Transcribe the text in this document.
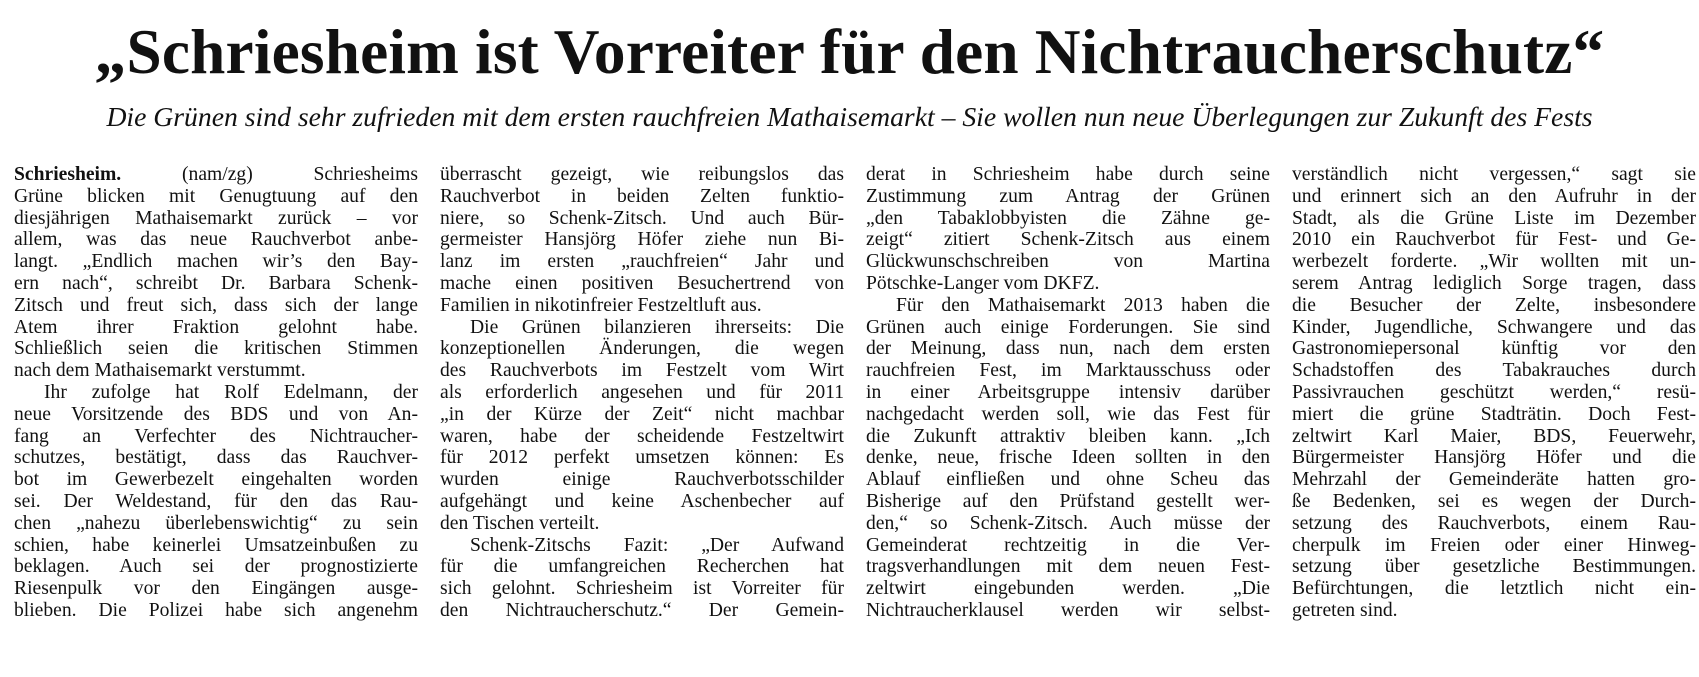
„Schriesheim ist Vorreiter für den Nichtraucherschutz“
Die Grünen sind sehr zufrieden mit dem ersten rauchfreien Mathaisemarkt – Sie wollen nun neue Überlegungen zur Zukunft des Fests
Schriesheim.	(nam/zg) Schriesheims
Grüne blicken mit Genugtuung auf den
diesjährigen Mathaisemarkt zurück – vor
allem, was das neue Rauchverbot anbe-
langt. „Endlich machen wir’s den Bay-
ern nach“, schreibt Dr. Barbara Schenk-
Zitsch und freut sich, dass sich der lange
Atem ihrer Fraktion gelohnt habe.
Schließlich seien die kritischen Stimmen
nach dem Mathaisemarkt verstummt.
Ihr zufolge hat Rolf Edelmann, der
neue Vorsitzende des BDS und von An-
fang an Verfechter des Nichtraucher-
schutzes, bestätigt, dass das Rauchver-
bot im Gewerbezelt eingehalten worden
sei. Der Weldestand, für den das Rau-
chen „nahezu überlebenswichtig“ zu sein
schien, habe keinerlei Umsatzeinbußen zu
beklagen. Auch sei der prognostizierte
Riesenpulk vor den Eingängen ausge-
blieben. Die Polizei habe sich angenehm
überrascht gezeigt, wie reibungslos das
Rauchverbot in beiden Zelten funktio-
niere, so Schenk-Zitsch. Und auch Bür-
germeister Hansjörg Höfer ziehe nun Bi-
lanz im ersten „rauchfreien“ Jahr und
mache einen positiven Besuchertrend von
Familien in nikotinfreier Festzeltluft aus.
Die Grünen bilanzieren ihrerseits: Die
konzeptionellen Änderungen, die wegen
des Rauchverbots im Festzelt vom Wirt
als erforderlich angesehen und für 2011
„in der Kürze der Zeit“ nicht machbar
waren, habe der scheidende Festzeltwirt
für 2012 perfekt umsetzen können: Es
wurden einige Rauchverbotsschilder
aufgehängt und keine Aschenbecher auf
den Tischen verteilt.
Schenk-Zitschs Fazit: „Der Aufwand
für die umfangreichen Recherchen hat
sich gelohnt. Schriesheim ist Vorreiter für
den Nichtraucherschutz.“ Der Gemein-
derat in Schriesheim habe durch seine
Zustimmung zum Antrag der Grünen
„den Tabaklobbyisten die Zähne ge-
zeigt“ zitiert Schenk-Zitsch aus einem
Glückwunschschreiben von Martina
Pötschke-Langer vom DKFZ.
Für den Mathaisemarkt 2013 haben die
Grünen auch einige Forderungen. Sie sind
der Meinung, dass nun, nach dem ersten
rauchfreien Fest, im Marktausschuss oder
in einer Arbeitsgruppe intensiv darüber
nachgedacht werden soll, wie das Fest für
die Zukunft attraktiv bleiben kann. „Ich
denke, neue, frische Ideen sollten in den
Ablauf einfließen und ohne Scheu das
Bisherige auf den Prüfstand gestellt wer-
den,“ so Schenk-Zitsch. Auch müsse der
Gemeinderat rechtzeitig in die Ver-
tragsverhandlungen mit dem neuen Fest-
zeltwirt eingebunden werden. „Die
Nichtraucherklausel werden wir selbst-
verständlich nicht vergessen,“ sagt sie
und erinnert sich an den Aufruhr in der
Stadt, als die Grüne Liste im Dezember
2010 ein Rauchverbot für Fest- und Ge-
werbezelt forderte. „Wir wollten mit un-
serem Antrag lediglich Sorge tragen, dass
die Besucher der Zelte, insbesondere
Kinder, Jugendliche, Schwangere und das
Gastronomiepersonal künftig vor den
Schadstoffen des Tabakrauches durch
Passivrauchen geschützt werden,“ resü-
miert die grüne Stadträtin. Doch Fest-
zeltwirt Karl Maier, BDS, Feuerwehr,
Bürgermeister Hansjörg Höfer und die
Mehrzahl der Gemeinderäte hatten gro-
ße Bedenken, sei es wegen der Durch-
setzung des Rauchverbots, einem Rau-
cherpulk im Freien oder einer Hinweg-
setzung über gesetzliche Bestimmungen.
Befürchtungen, die letztlich nicht ein-
getreten sind.
